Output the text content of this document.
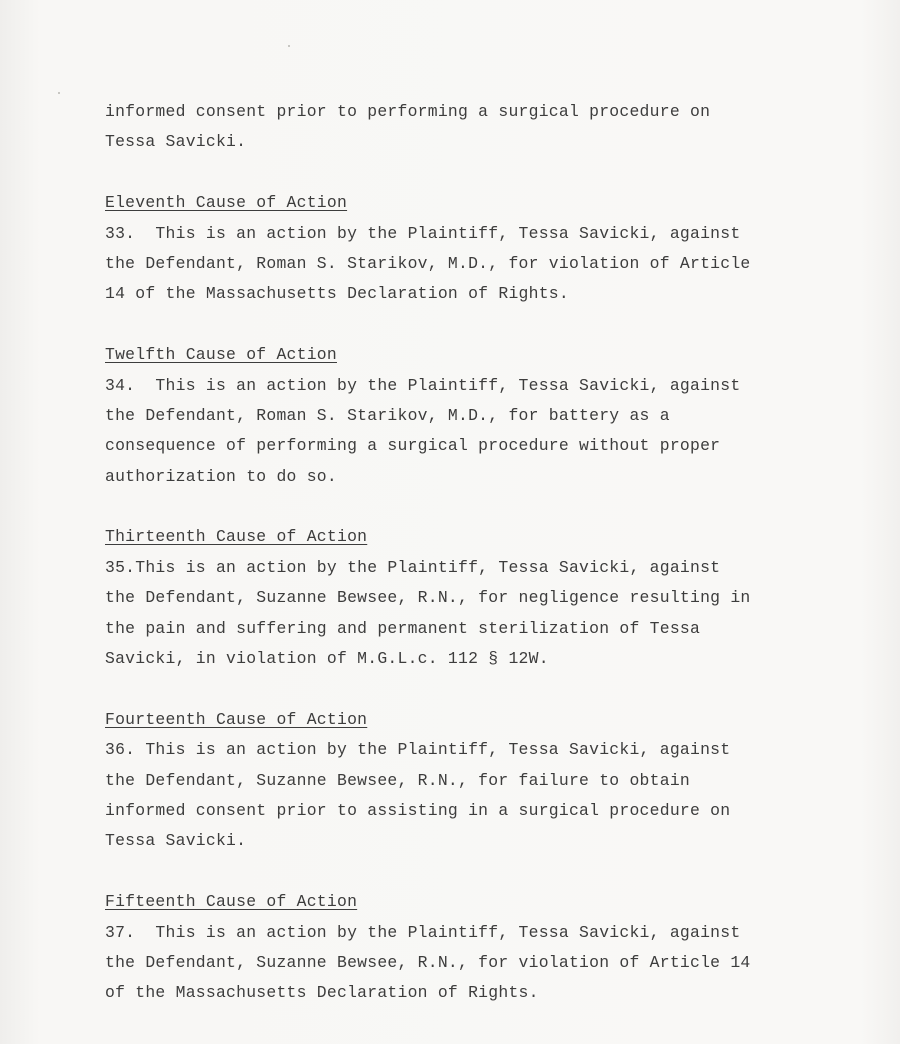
informed consent prior to performing a surgical procedure on
Tessa Savicki.
Eleventh Cause of Action
33.  This is an action by the Plaintiff, Tessa Savicki, against
the Defendant, Roman S. Starikov, M.D., for violation of Article
14 of the Massachusetts Declaration of Rights.
Twelfth Cause of Action
34.  This is an action by the Plaintiff, Tessa Savicki, against
the Defendant, Roman S. Starikov, M.D., for battery as a
consequence of performing a surgical procedure without proper
authorization to do so.
Thirteenth Cause of Action
35.This is an action by the Plaintiff, Tessa Savicki, against
the Defendant, Suzanne Bewsee, R.N., for negligence resulting in
the pain and suffering and permanent sterilization of Tessa
Savicki, in violation of M.G.L.c. 112 § 12W.
Fourteenth Cause of Action
36. This is an action by the Plaintiff, Tessa Savicki, against
the Defendant, Suzanne Bewsee, R.N., for failure to obtain
informed consent prior to assisting in a surgical procedure on
Tessa Savicki.
Fifteenth Cause of Action
37.  This is an action by the Plaintiff, Tessa Savicki, against
the Defendant, Suzanne Bewsee, R.N., for violation of Article 14
of the Massachusetts Declaration of Rights.
